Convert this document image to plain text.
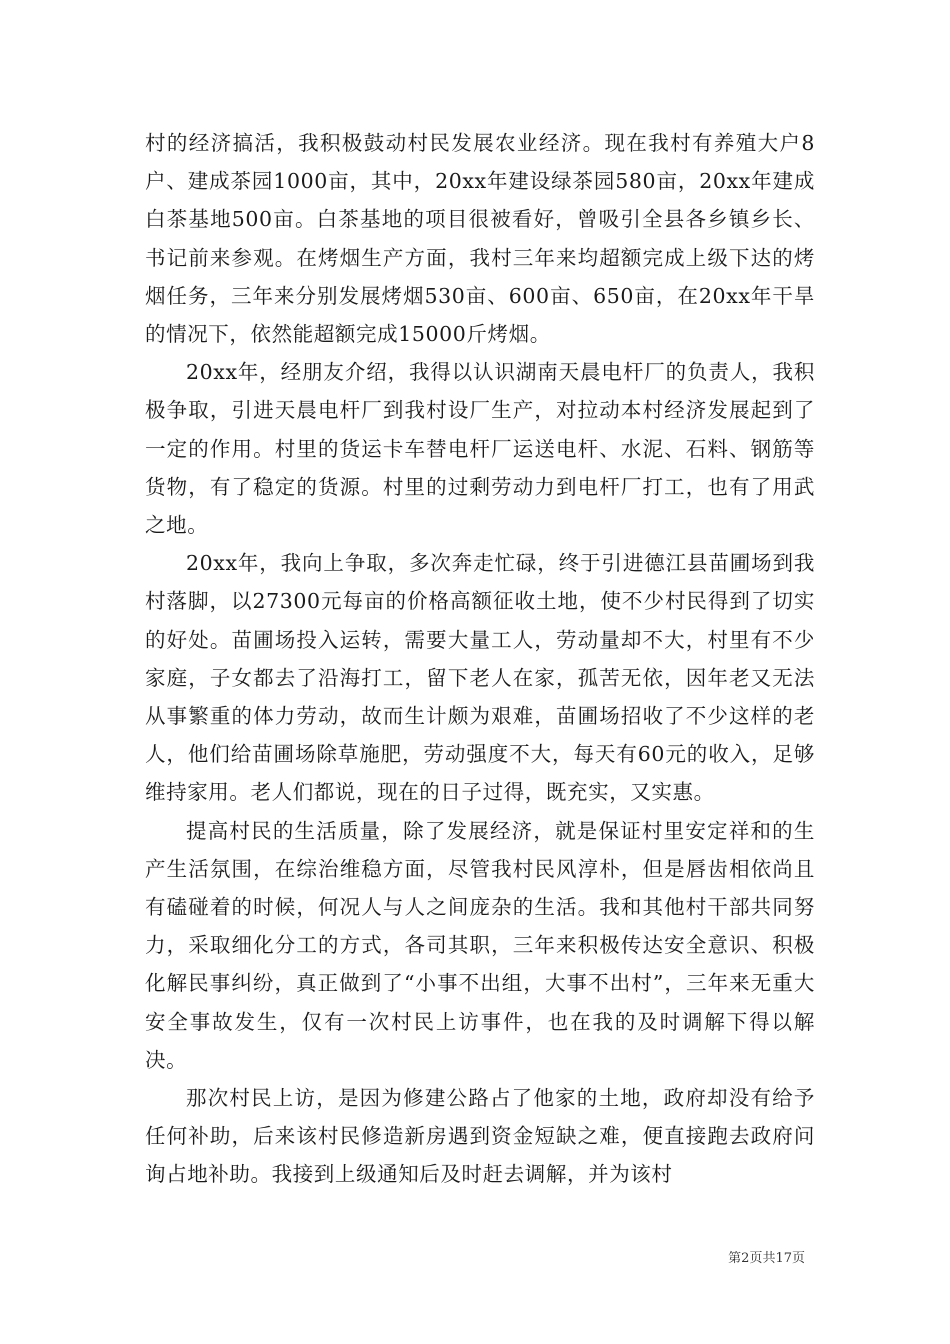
村的经济搞活，我积极鼓动村民发展农业经济。现在我村有养殖大户8户、建成茶园1000亩，其中，20xx年建设绿茶园580亩，20xx年建成白茶基地500亩。白茶基地的项目很被看好，曾吸引全县各乡镇乡长、书记前来参观。在烤烟生产方面，我村三年来均超额完成上级下达的烤烟任务，三年来分别发展烤烟530亩、600亩、650亩，在20xx年干旱的情况下，依然能超额完成15000斤烤烟。

20xx年，经朋友介绍，我得以认识湖南天晨电杆厂的负责人，我积极争取，引进天晨电杆厂到我村设厂生产，对拉动本村经济发展起到了一定的作用。村里的货运卡车替电杆厂运送电杆、水泥、石料、钢筋等货物，有了稳定的货源。村里的过剩劳动力到电杆厂打工，也有了用武之地。

20xx年，我向上争取，多次奔走忙碌，终于引进德江县苗圃场到我村落脚，以27300元每亩的价格高额征收土地，使不少村民得到了切实的好处。苗圃场投入运转，需要大量工人，劳动量却不大，村里有不少家庭，子女都去了沿海打工，留下老人在家，孤苦无依，因年老又无法从事繁重的体力劳动，故而生计颇为艰难，苗圃场招收了不少这样的老人，他们给苗圃场除草施肥，劳动强度不大，每天有60元的收入，足够维持家用。老人们都说，现在的日子过得，既充实，又实惠。

提高村民的生活质量，除了发展经济，就是保证村里安定祥和的生产生活氛围，在综治维稳方面，尽管我村民风淳朴，但是唇齿相依尚且有磕碰着的时候，何况人与人之间庞杂的生活。我和其他村干部共同努力，采取细化分工的方式，各司其职，三年来积极传达安全意识、积极化解民事纠纷，真正做到了“小事不出组，大事不出村”，三年来无重大安全事故发生，仅有一次村民上访事件，也在我的及时调解下得以解决。

那次村民上访，是因为修建公路占了他家的土地，政府却没有给予任何补助，后来该村民修造新房遇到资金短缺之难，便直接跑去政府问询占地补助。我接到上级通知后及时赶去调解，并为该村

第2页共17页
